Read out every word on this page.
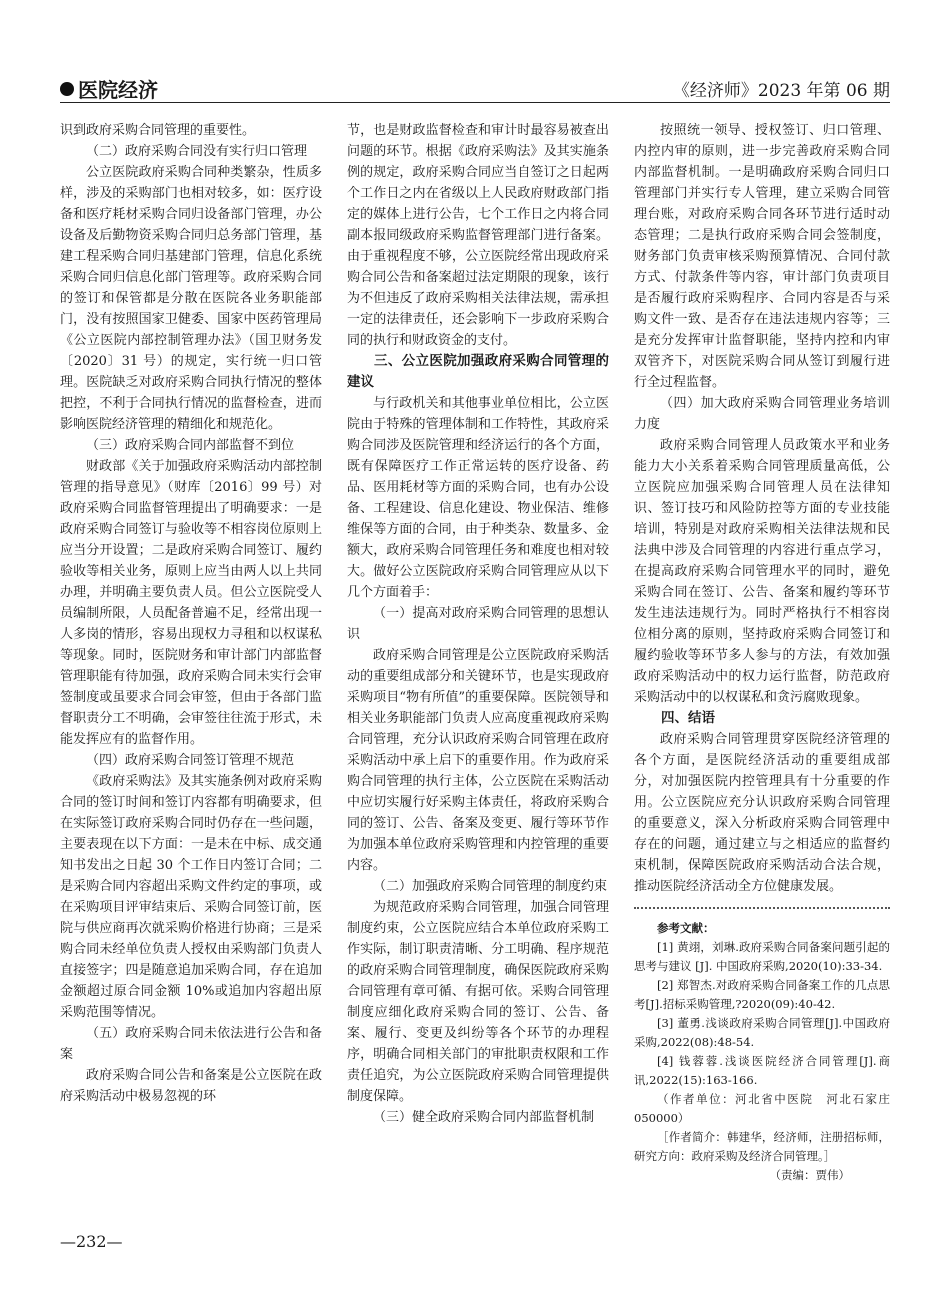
医院经济	《经济师》2023 年第 06 期

识到政府采购合同管理的重要性。

（二）政府采购合同没有实行归口管理

公立医院政府采购合同种类繁杂，性质多样，涉及的采购部门也相对较多，如：医疗设备和医疗耗材采购合同归设备部门管理，办公设备及后勤物资采购合同归总务部门管理，基建工程采购合同归基建部门管理，信息化系统采购合同归信息化部门管理等。政府采购合同的签订和保管都是分散在医院各业务职能部门，没有按照国家卫健委、国家中医药管理局《公立医院内部控制管理办法》（国卫财务发〔2020〕31 号）的规定，实行统一归口管理。医院缺乏对政府采购合同执行情况的整体把控，不利于合同执行情况的监督检查，进而影响医院经济管理的精细化和规范化。

（三）政府采购合同内部监督不到位

财政部《关于加强政府采购活动内部控制管理的指导意见》（财库〔2016〕99 号）对政府采购合同监督管理提出了明确要求：一是政府采购合同签订与验收等不相容岗位原则上应当分开设置；二是政府采购合同签订、履约验收等相关业务，原则上应当由两人以上共同办理，并明确主要负责人员。但公立医院受人员编制所限，人员配备普遍不足，经常出现一人多岗的情形，容易出现权力寻租和以权谋私等现象。同时，医院财务和审计部门内部监督管理职能有待加强，政府采购合同未实行会审签制度或虽要求合同会审签，但由于各部门监督职责分工不明确，会审签往往流于形式，未能发挥应有的监督作用。

（四）政府采购合同签订管理不规范

《政府采购法》及其实施条例对政府采购合同的签订时间和签订内容都有明确要求，但在实际签订政府采购合同时仍存在一些问题，主要表现在以下方面：一是未在中标、成交通知书发出之日起 30 个工作日内签订合同；二是采购合同内容超出采购文件约定的事项，或在采购项目评审结束后、采购合同签订前，医院与供应商再次就采购价格进行协商；三是采购合同未经单位负责人授权由采购部门负责人直接签字；四是随意追加采购合同，存在追加金额超过原合同金额 10%或追加内容超出原采购范围等情况。

（五）政府采购合同未依法进行公告和备案

政府采购合同公告和备案是公立医院在政府采购活动中极易忽视的环

节，也是财政监督检查和审计时最容易被查出问题的环节。根据《政府采购法》及其实施条例的规定，政府采购合同应当自签订之日起两个工作日之内在省级以上人民政府财政部门指定的媒体上进行公告，七个工作日之内将合同副本报同级政府采购监督管理部门进行备案。由于重视程度不够，公立医院经常出现政府采购合同公告和备案超过法定期限的现象，该行为不但违反了政府采购相关法律法规，需承担一定的法律责任，还会影响下一步政府采购合同的执行和财政资金的支付。

三、公立医院加强政府采购合同管理的建议

与行政机关和其他事业单位相比，公立医院由于特殊的管理体制和工作特性，其政府采购合同涉及医院管理和经济运行的各个方面，既有保障医疗工作正常运转的医疗设备、药品、医用耗材等方面的采购合同，也有办公设备、工程建设、信息化建设、物业保洁、维修维保等方面的合同，由于种类杂、数量多、金额大，政府采购合同管理任务和难度也相对较大。做好公立医院政府采购合同管理应从以下几个方面着手：

（一）提高对政府采购合同管理的思想认识

政府采购合同管理是公立医院政府采购活动的重要组成部分和关键环节，也是实现政府采购项目“物有所值”的重要保障。医院领导和相关业务职能部门负责人应高度重视政府采购合同管理，充分认识政府采购合同管理在政府采购活动中承上启下的重要作用。作为政府采购合同管理的执行主体，公立医院在采购活动中应切实履行好采购主体责任，将政府采购合同的签订、公告、备案及变更、履行等环节作为加强本单位政府采购管理和内控管理的重要内容。

（二）加强政府采购合同管理的制度约束

为规范政府采购合同管理，加强合同管理制度约束，公立医院应结合本单位政府采购工作实际，制订职责清晰、分工明确、程序规范的政府采购合同管理制度，确保医院政府采购合同管理有章可循、有据可依。采购合同管理制度应细化政府采购合同的签订、公告、备案、履行、变更及纠纷等各个环节的办理程序，明确合同相关部门的审批职责权限和工作责任追究，为公立医院政府采购合同管理提供制度保障。

（三）健全政府采购合同内部监督机制

按照统一领导、授权签订、归口管理、内控内审的原则，进一步完善政府采购合同内部监督机制。一是明确政府采购合同归口管理部门并实行专人管理，建立采购合同管理台账，对政府采购合同各环节进行适时动态管理；二是执行政府采购合同会签制度，财务部门负责审核采购预算情况、合同付款方式、付款条件等内容，审计部门负责项目是否履行政府采购程序、合同内容是否与采购文件一致、是否存在违法违规内容等；三是充分发挥审计监督职能，坚持内控和内审双管齐下，对医院采购合同从签订到履行进行全过程监督。

（四）加大政府采购合同管理业务培训力度

政府采购合同管理人员政策水平和业务能力大小关系着采购合同管理质量高低，公立医院应加强采购合同管理人员在法律知识、签订技巧和风险防控等方面的专业技能培训，特别是对政府采购相关法律法规和民法典中涉及合同管理的内容进行重点学习，在提高政府采购合同管理水平的同时，避免采购合同在签订、公告、备案和履约等环节发生违法违规行为。同时严格执行不相容岗位相分离的原则，坚持政府采购合同签订和履约验收等环节多人参与的方法，有效加强政府采购活动中的权力运行监督，防范政府采购活动中的以权谋私和贪污腐败现象。

四、结语

政府采购合同管理贯穿医院经济管理的各个方面，是医院经济活动的重要组成部分，对加强医院内控管理具有十分重要的作用。公立医院应充分认识政府采购合同管理的重要意义，深入分析政府采购合同管理中存在的问题，通过建立与之相适应的监督约束机制，保障医院政府采购活动合法合规，推动医院经济活动全方位健康发展。

参考文献：

[1] 黄翊，刘琳.政府采购合同备案问题引起的思考与建议 [J]. 中国政府采购,2020(10):33-34.

[2] 郑智杰.对政府采购合同备案工作的几点思考[J].招标采购管理,?2020(09):40-42.

[3] 董勇.浅谈政府采购合同管理[J].中国政府采购,2022(08):48-54.

[4] 钱蓉蓉.浅谈医院经济合同管理[J].商讯,2022(15):163-166.

（作者单位：河北省中医院　河北石家庄　050000）

［作者简介：韩建华，经济师，注册招标师，研究方向：政府采购及经济合同管理。］

（责编：贾伟）
—232—
